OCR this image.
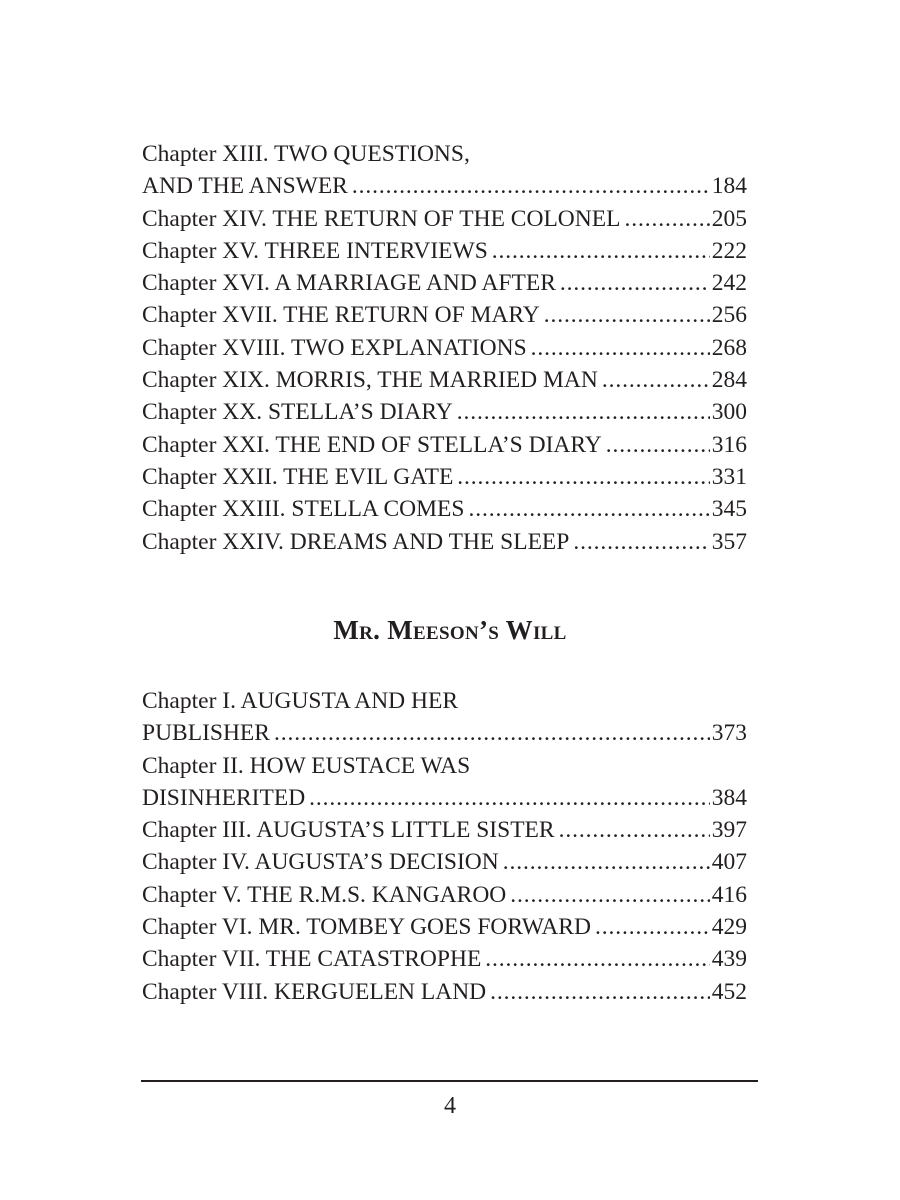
Chapter XIII. TWO QUESTIONS,
AND THE ANSWER . . .	184
Chapter XIV. THE RETURN OF THE COLONEL . . .	205
Chapter XV. THREE INTERVIEWS . . .	222
Chapter XVI. A MARRIAGE AND AFTER . . .	242
Chapter XVII. THE RETURN OF MARY . . .	256
Chapter XVIII. TWO EXPLANATIONS . . .	268
Chapter XIX. MORRIS, THE MARRIED MAN . . .	284
Chapter XX. STELLA’S DIARY . . .	300
Chapter XXI. THE END OF STELLA’S DIARY . . .	316
Chapter XXII. THE EVIL GATE . . .	331
Chapter XXIII. STELLA COMES . . .	345
Chapter XXIV. DREAMS AND THE SLEEP . . .	357
Mr. Meeson’s Will
Chapter I. AUGUSTA AND HER
PUBLISHER . . .	373
Chapter II. HOW EUSTACE WAS
DISINHERITED . . .	384
Chapter III. AUGUSTA’S LITTLE SISTER . . .	397
Chapter IV. AUGUSTA’S DECISION . . .	407
Chapter V. THE R.M.S. KANGAROO . . .	416
Chapter VI. MR. TOMBEY GOES FORWARD . . .	429
Chapter VII. THE CATASTROPHE . . .	439
Chapter VIII. KERGUELEN LAND . . .	452
4
